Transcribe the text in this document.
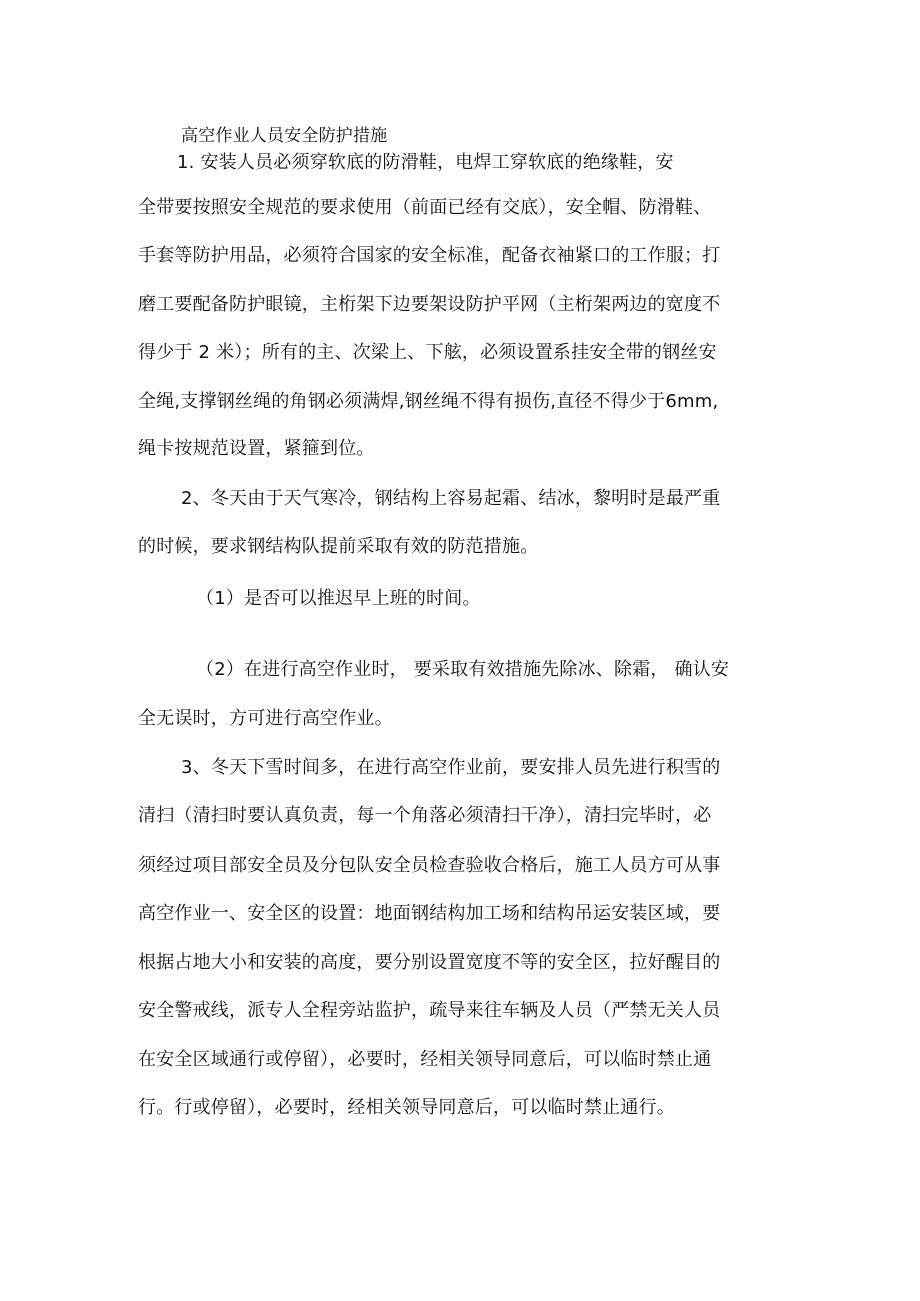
高空作业人员安全防护措施
1. 安装人员必须穿软底的防滑鞋，电焊工穿软底的绝缘鞋，安
全带要按照安全规范的要求使用（前面已经有交底），安全帽、防滑鞋、
手套等防护用品，必须符合国家的安全标准，配备衣袖紧口的工作服；打
磨工要配备防护眼镜，主桁架下边要架设防护平网（主桁架两边的宽度不
得少于 2 米）；所有的主、次梁上、下舷，必须设置系挂安全带的钢丝安
全绳,支撑钢丝绳的角钢必须满焊,钢丝绳不得有损伤,直径不得少于6mm,
绳卡按规范设置，紧箍到位。
2、冬天由于天气寒冷，钢结构上容易起霜、结冰，黎明时是最严重
的时候，要求钢结构队提前采取有效的防范措施。
（1）是否可以推迟早上班的时间。
（2）在进行高空作业时， 要采取有效措施先除冰、除霜， 确认安
全无误时，方可进行高空作业。
3、冬天下雪时间多，在进行高空作业前，要安排人员先进行积雪的
清扫（清扫时要认真负责，每一个角落必须清扫干净），清扫完毕时，必
须经过项目部安全员及分包队安全员检查验收合格后，施工人员方可从事
高空作业一、安全区的设置：地面钢结构加工场和结构吊运安装区域，要
根据占地大小和安装的高度，要分别设置宽度不等的安全区，拉好醒目的
安全警戒线，派专人全程旁站监护，疏导来往车辆及人员（严禁无关人员
在安全区域通行或停留），必要时，经相关领导同意后，可以临时禁止通
行。行或停留），必要时，经相关领导同意后，可以临时禁止通行。
